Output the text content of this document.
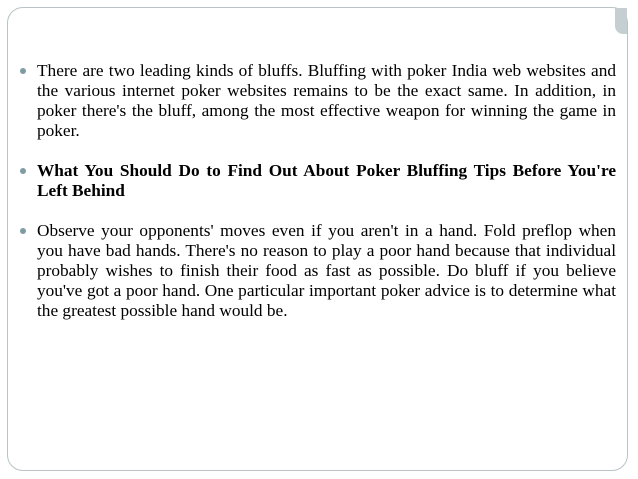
There are two leading kinds of bluffs. Bluffing with poker India web websites and the various internet poker websites remains to be the exact same. In addition, in poker there's the bluff, among the most effective weapon for winning the game in poker.

What You Should Do to Find Out About Poker Bluffing Tips Before You're Left Behind

Observe your opponents' moves even if you aren't in a hand. Fold preflop when you have bad hands. There's no reason to play a poor hand because that individual probably wishes to finish their food as fast as possible. Do bluff if you believe you've got a poor hand. One particular important poker advice is to determine what the greatest possible hand would be.
